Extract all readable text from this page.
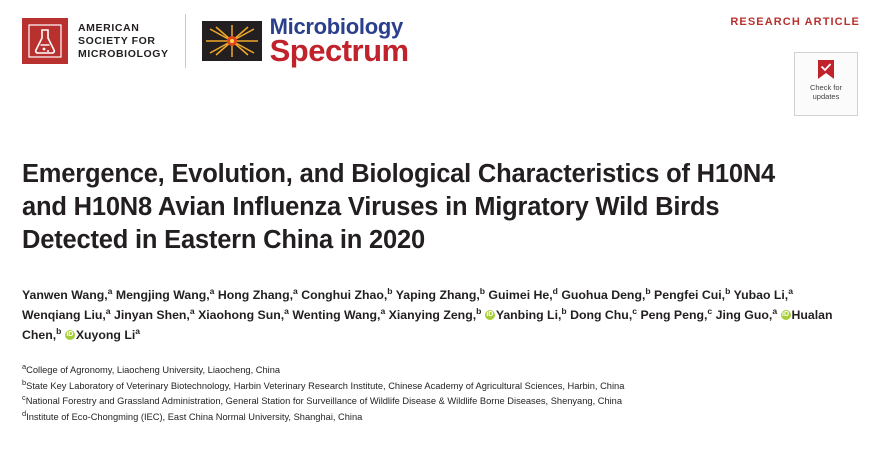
AMERICAN
SOCIETY FOR
MICROBIOLOGY
Microbiology
Spectrum
RESEARCH ARTICLE
Check for
updates
Emergence, Evolution, and Biological Characteristics of H10N4 and H10N8 Avian Influenza Viruses in Migratory Wild Birds Detected in Eastern China in 2020
Yanwen Wang,$^a$ Mengjing Wang,$^a$ Hong Zhang,$^a$ Conghui Zhao,$^b$ Yaping Zhang,$^b$ Guimei He,$^d$ Guohua Deng,$^b$ Pengfei Cui,$^b$ Yubao Li,$^a$ Wenqiang Liu,$^a$ Jinyan Shen,$^a$ Xiaohong Sun,$^a$ Wenting Wang,$^a$ Xianying Zeng,$^b$ iD Yanbing Li,$^b$ Dong Chu,$^c$ Peng Peng,$^c$ Jing Guo,$^a$ iD Hualan Chen,$^b$ iD Xuyong Li$^a$
$^a$College of Agronomy, Liaocheng University, Liaocheng, China
$^b$State Key Laboratory of Veterinary Biotechnology, Harbin Veterinary Research Institute, Chinese Academy of Agricultural Sciences, Harbin, China
$^c$National Forestry and Grassland Administration, General Station for Surveillance of Wildlife Disease & Wildlife Borne Diseases, Shenyang, China
$^d$Institute of Eco-Chongming (IEC), East China Normal University, Shanghai, China
